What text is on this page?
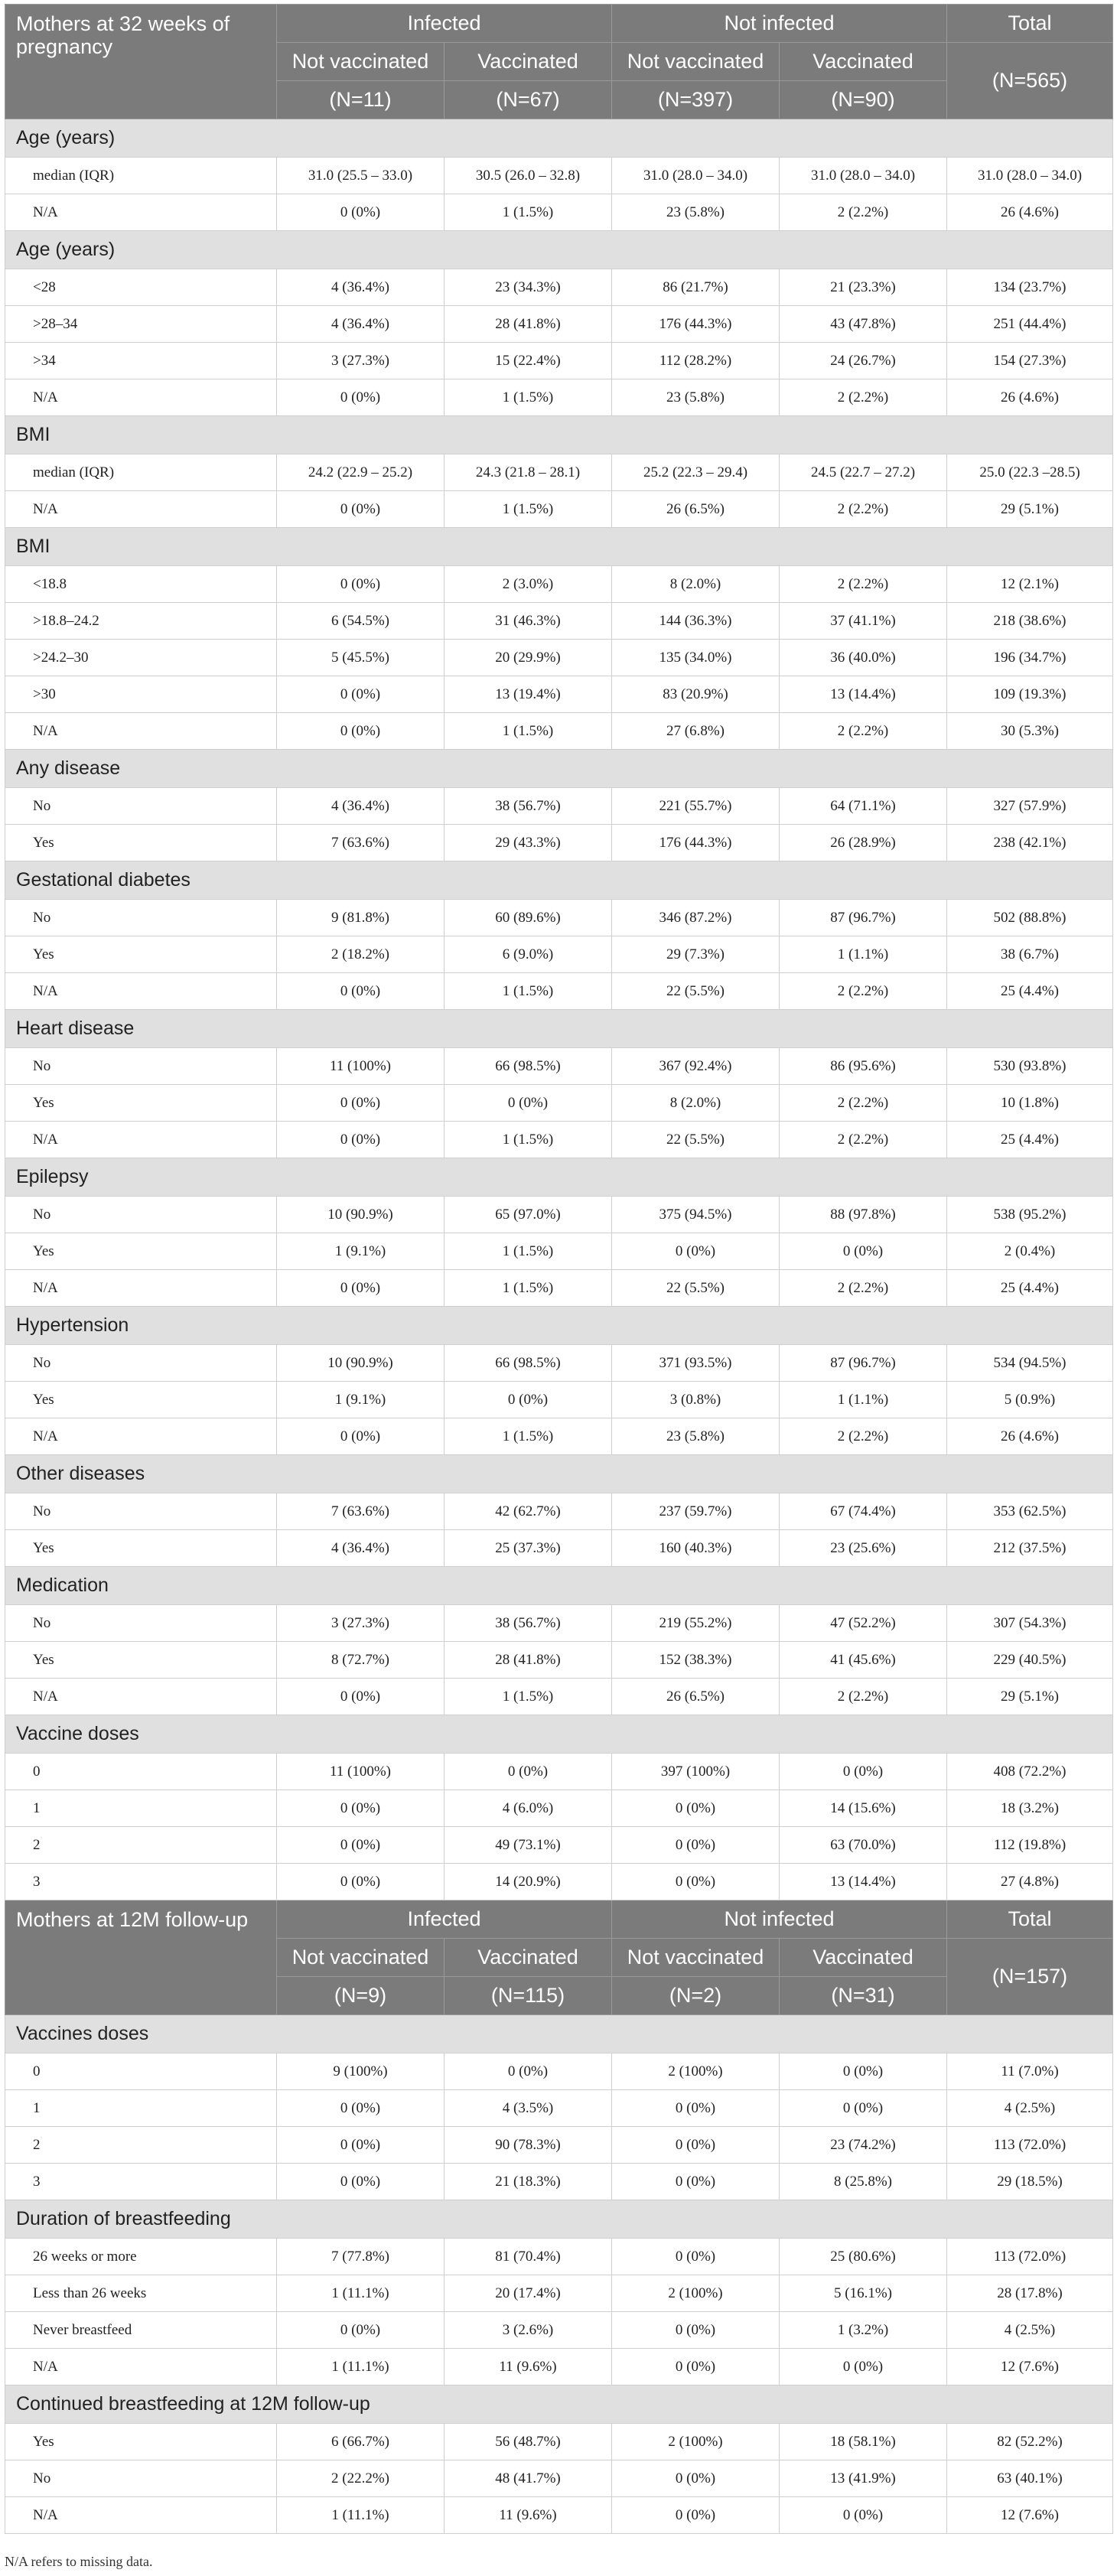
Mothers at 32 weeks of pregnancy	Infected		Not infected		Total
	Not vaccinated	Vaccinated	Not vaccinated	Vaccinated	(N=565)
	(N=11)	(N=67)	(N=397)	(N=90)	
Age (years)					
median (IQR)	31.0 (25.5 – 33.0)	30.5 (26.0 – 32.8)	31.0 (28.0 – 34.0)	31.0 (28.0 – 34.0)	31.0 (28.0 – 34.0)
N/A	0 (0%)	1 (1.5%)	23 (5.8%)	2 (2.2%)	26 (4.6%)
Age (years)					
<28	4 (36.4%)	23 (34.3%)	86 (21.7%)	21 (23.3%)	134 (23.7%)
>28–34	4 (36.4%)	28 (41.8%)	176 (44.3%)	43 (47.8%)	251 (44.4%)
>34	3 (27.3%)	15 (22.4%)	112 (28.2%)	24 (26.7%)	154 (27.3%)
N/A	0 (0%)	1 (1.5%)	23 (5.8%)	2 (2.2%)	26 (4.6%)
BMI					
median (IQR)	24.2 (22.9 – 25.2)	24.3 (21.8 – 28.1)	25.2 (22.3 – 29.4)	24.5 (22.7 – 27.2)	25.0 (22.3 –28.5)
N/A	0 (0%)	1 (1.5%)	26 (6.5%)	2 (2.2%)	29 (5.1%)
BMI					
<18.8	0 (0%)	2 (3.0%)	8 (2.0%)	2 (2.2%)	12 (2.1%)
>18.8–24.2	6 (54.5%)	31 (46.3%)	144 (36.3%)	37 (41.1%)	218 (38.6%)
>24.2–30	5 (45.5%)	20 (29.9%)	135 (34.0%)	36 (40.0%)	196 (34.7%)
>30	0 (0%)	13 (19.4%)	83 (20.9%)	13 (14.4%)	109 (19.3%)
N/A	0 (0%)	1 (1.5%)	27 (6.8%)	2 (2.2%)	30 (5.3%)
Any disease					
No	4 (36.4%)	38 (56.7%)	221 (55.7%)	64 (71.1%)	327 (57.9%)
Yes	7 (63.6%)	29 (43.3%)	176 (44.3%)	26 (28.9%)	238 (42.1%)
Gestational diabetes					
No	9 (81.8%)	60 (89.6%)	346 (87.2%)	87 (96.7%)	502 (88.8%)
Yes	2 (18.2%)	6 (9.0%)	29 (7.3%)	1 (1.1%)	38 (6.7%)
N/A	0 (0%)	1 (1.5%)	22 (5.5%)	2 (2.2%)	25 (4.4%)
Heart disease					
No	11 (100%)	66 (98.5%)	367 (92.4%)	86 (95.6%)	530 (93.8%)
Yes	0 (0%)	0 (0%)	8 (2.0%)	2 (2.2%)	10 (1.8%)
N/A	0 (0%)	1 (1.5%)	22 (5.5%)	2 (2.2%)	25 (4.4%)
Epilepsy					
No	10 (90.9%)	65 (97.0%)	375 (94.5%)	88 (97.8%)	538 (95.2%)
Yes	1 (9.1%)	1 (1.5%)	0 (0%)	0 (0%)	2 (0.4%)
N/A	0 (0%)	1 (1.5%)	22 (5.5%)	2 (2.2%)	25 (4.4%)
Hypertension					
No	10 (90.9%)	66 (98.5%)	371 (93.5%)	87 (96.7%)	534 (94.5%)
Yes	1 (9.1%)	0 (0%)	3 (0.8%)	1 (1.1%)	5 (0.9%)
N/A	0 (0%)	1 (1.5%)	23 (5.8%)	2 (2.2%)	26 (4.6%)
Other diseases					
No	7 (63.6%)	42 (62.7%)	237 (59.7%)	67 (74.4%)	353 (62.5%)
Yes	4 (36.4%)	25 (37.3%)	160 (40.3%)	23 (25.6%)	212 (37.5%)
Medication					
No	3 (27.3%)	38 (56.7%)	219 (55.2%)	47 (52.2%)	307 (54.3%)
Yes	8 (72.7%)	28 (41.8%)	152 (38.3%)	41 (45.6%)	229 (40.5%)
N/A	0 (0%)	1 (1.5%)	26 (6.5%)	2 (2.2%)	29 (5.1%)
Vaccine doses					
0	11 (100%)	0 (0%)	397 (100%)	0 (0%)	408 (72.2%)
1	0 (0%)	4 (6.0%)	0 (0%)	14 (15.6%)	18 (3.2%)
2	0 (0%)	49 (73.1%)	0 (0%)	63 (70.0%)	112 (19.8%)
3	0 (0%)	14 (20.9%)	0 (0%)	13 (14.4%)	27 (4.8%)
Mothers at 12M follow-up	Infected		Not infected		Total
	Not vaccinated	Vaccinated	Not vaccinated	Vaccinated	(N=157)
	(N=9)	(N=115)	(N=2)	(N=31)	
Vaccines doses					
0	9 (100%)	0 (0%)	2 (100%)	0 (0%)	11 (7.0%)
1	0 (0%)	4 (3.5%)	0 (0%)	0 (0%)	4 (2.5%)
2	0 (0%)	90 (78.3%)	0 (0%)	23 (74.2%)	113 (72.0%)
3	0 (0%)	21 (18.3%)	0 (0%)	8 (25.8%)	29 (18.5%)
Duration of breastfeeding					
26 weeks or more	7 (77.8%)	81 (70.4%)	0 (0%)	25 (80.6%)	113 (72.0%)
Less than 26 weeks	1 (11.1%)	20 (17.4%)	2 (100%)	5 (16.1%)	28 (17.8%)
Never breastfeed	0 (0%)	3 (2.6%)	0 (0%)	1 (3.2%)	4 (2.5%)
N/A	1 (11.1%)	11 (9.6%)	0 (0%)	0 (0%)	12 (7.6%)
Continued breastfeeding at 12M follow-up					
Yes	6 (66.7%)	56 (48.7%)	2 (100%)	18 (58.1%)	82 (52.2%)
No	2 (22.2%)	48 (41.7%)	0 (0%)	13 (41.9%)	63 (40.1%)
N/A	1 (11.1%)	11 (9.6%)	0 (0%)	0 (0%)	12 (7.6%)
N/A refers to missing data.
